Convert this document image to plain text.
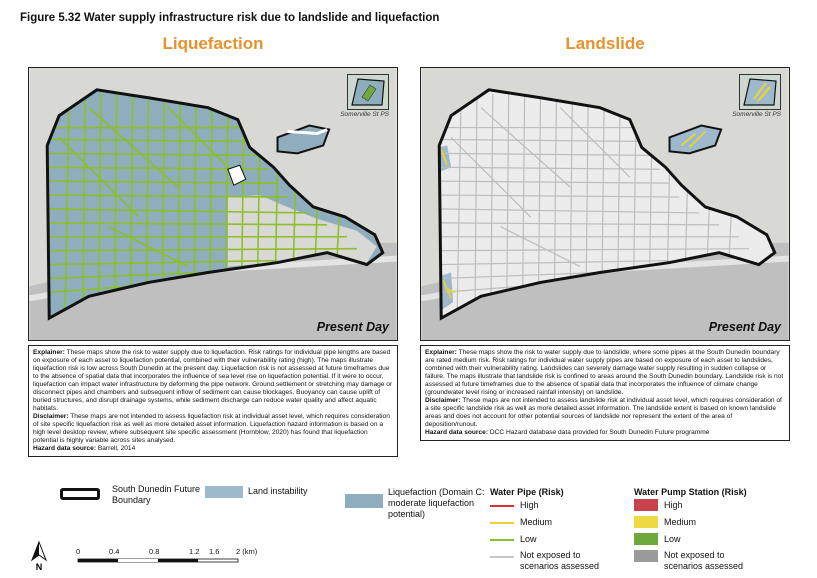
Figure 5.32 Water supply infrastructure risk due to landslide and liquefaction
Liquefaction
Somerville St PS
Present Day

Explainer: These maps show the risk to water supply due to liquefaction. Risk ratings for individual pipe lengths are based on exposure of each asset to liquefaction potential, combined with their vulnerability rating (high). The maps illustrate liquefaction risk is low across South Dunedin at the present day. Liquefaction risk is not assessed at future timeframes due to the absence of spatial data that incorporates the influence of sea level rise on liquefaction potential. If it were to occur, liquefaction can impact water infrastructure by deforming the pipe network. Ground settlement or stretching may damage or disconnect pipes and chambers and subsequent inflow of sediment can cause blockages. Buoyancy can cause uplift of buried structures, and disrupt drainage systems, while sediment discharge can reduce water quality and affect aquatic habitats.

Disclaimer: These maps are not intended to assess liquefaction risk at individual asset level, which requires consideration of site specific liquefaction risk as well as more detailed asset information. Liquefaction hazard information is based on a high level desktop review, where subsequent site specific assessment (Hornblow, 2020) has found that liquefaction potential is highly variable across sites analysed.

Hazard data source: Barrell, 2014

Landslide
Somerville St PS
Present Day

Explainer: These maps show the risk to water supply due to landslide, where some pipes at the South Dunedin boundary are rated medium risk. Risk ratings for individual water supply pipes are based on exposure of each asset to landslides, combined with their vulnerability rating. Landslides can severely damage water supply resulting in sudden collapse or failure. The maps illustrate that landslide risk is confined to areas around the South Dunedin boundary. Landslide risk is not assessed at future timeframes due to the absence of spatial data that incorporates the influence of climate change (groundwater level rising or increased rainfall intensity) on landslide.

Disclaimer: These maps are not intended to assess landslide risk at individual asset level, which requires consideration of a site specific landslide risk as well as more detailed asset information. The landslide extent is based on known landslide areas and does not account for other potential sources of landslide nor represent the extent of the area of deposition/runout.

Hazard data source: DCC Hazard database data provided for South Dunedin Future programme

South Dunedin Future Boundary
Land instability	Liquefaction (Domain C: moderate liquefaction potential)
Water Pipe (Risk)
High
Medium
Low
Not exposed to scenarios assessed
Water Pump Station (Risk)
High
Medium
Low
Not exposed to scenarios assessed
N
0	0.4	0.8	1.2 1.6 2 (km)
